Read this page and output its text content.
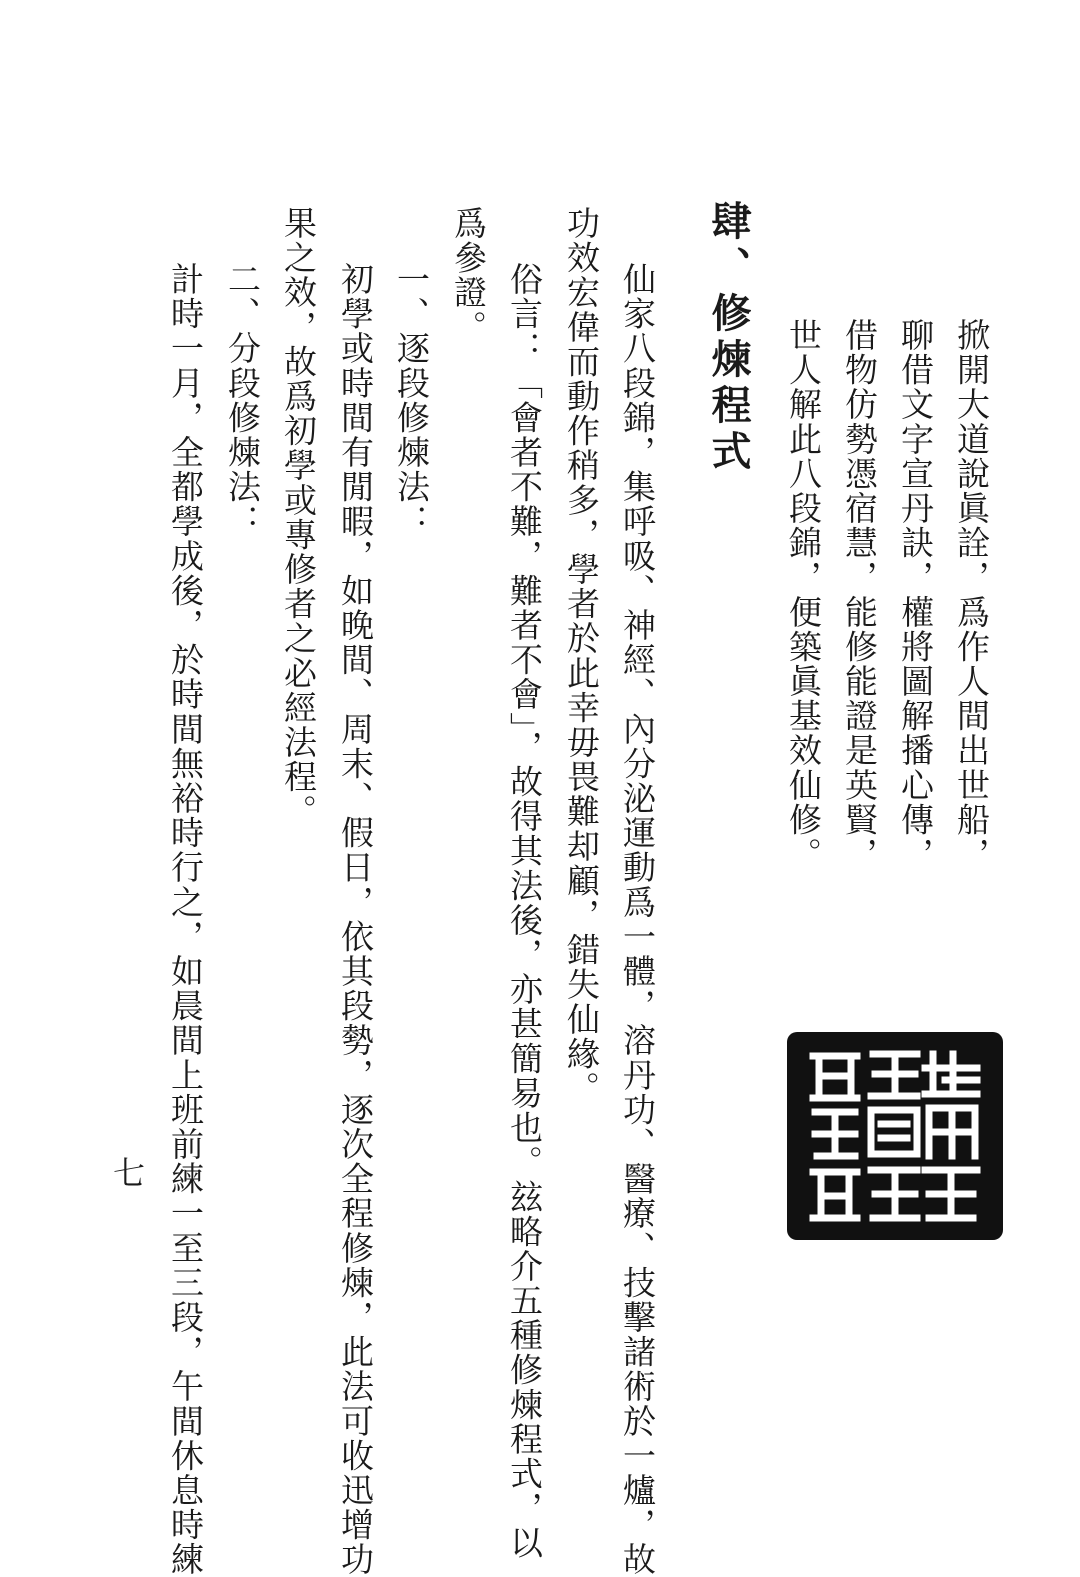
掀開大道說眞詮，爲作人間出世船，
聊借文字宣丹訣，權將圖解播心傳，
借物仿勢憑宿慧，能修能證是英賢，
世人解此八段錦，便築眞基效仙修。
肆、修煉程式
仙家八段錦，集呼吸、神經、內分泌運動爲一體，溶丹功、醫療、技擊諸術於一爐，故
功效宏偉而動作稍多，學者於此幸毋畏難却顧，錯失仙緣。
俗言：「會者不難，難者不會」，故得其法後，亦甚簡易也。玆略介五種修煉程式，以
爲參證。
一、逐段修煉法：
初學或時間有閒暇，如晚間、周末、假日，依其段勢，逐次全程修煉，此法可收迅增功
果之效，故爲初學或專修者之必經法程。
二、分段修煉法：
計時一月，全都學成後，於時間無裕時行之，如晨間上班前練一至三段，午間休息時練
七
